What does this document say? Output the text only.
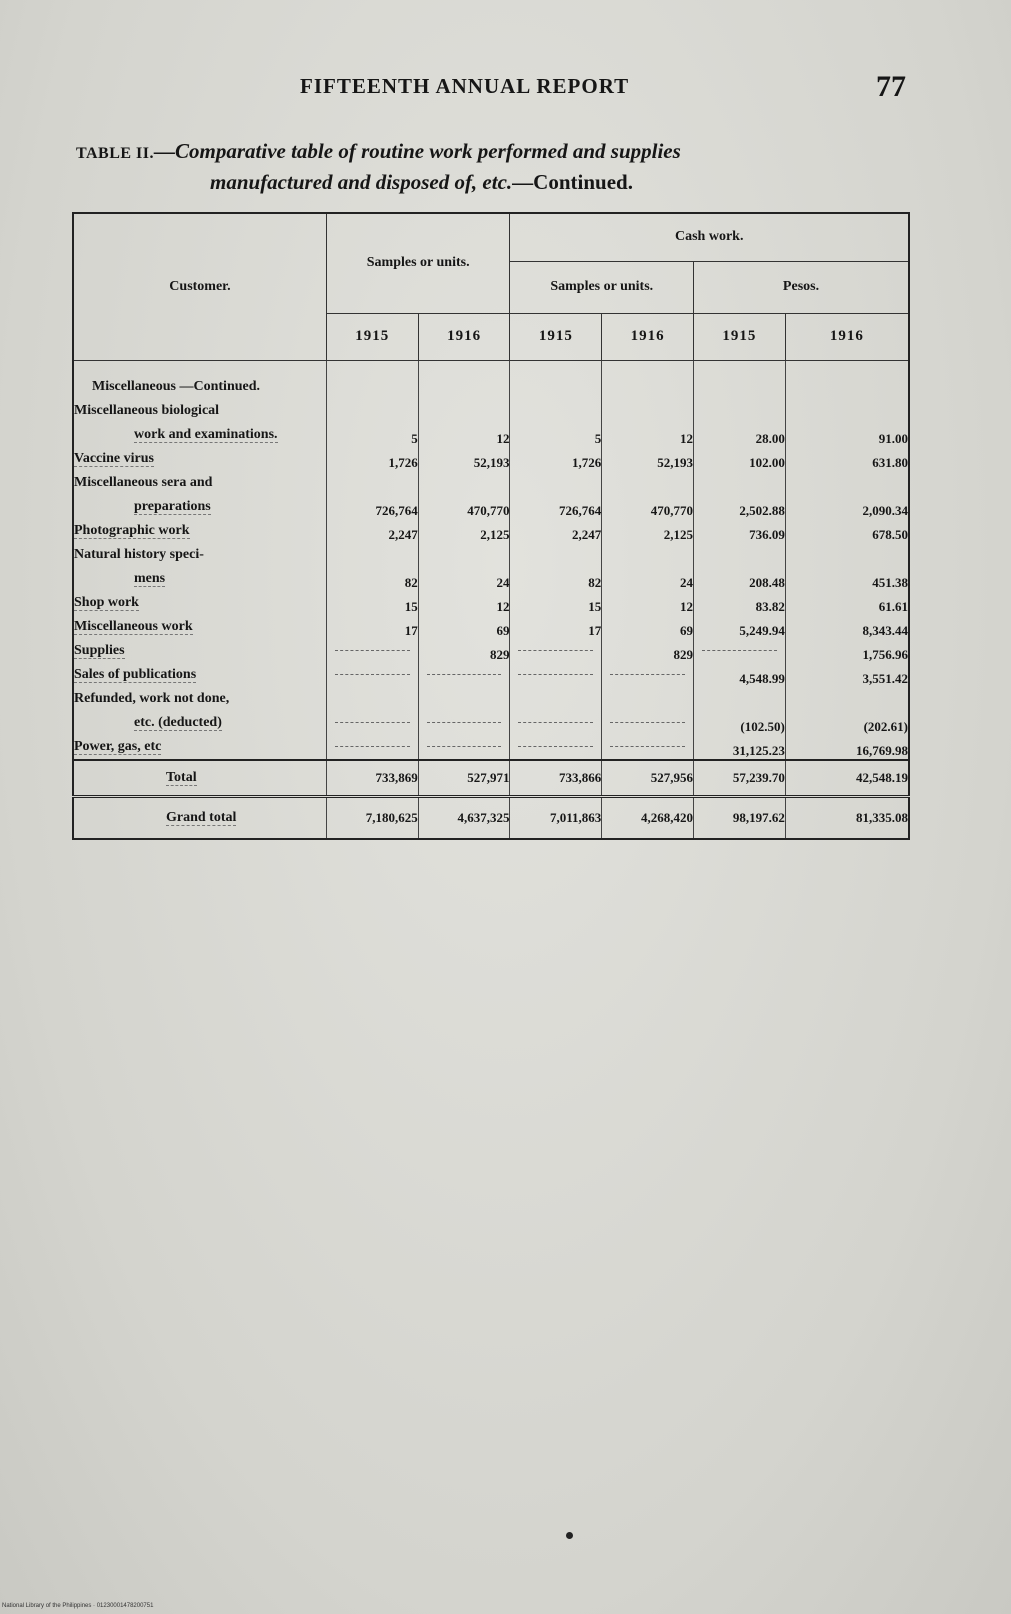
FIFTEENTH ANNUAL REPORT	77
TABLE II.—Comparative table of routine work performed and supplies
manufactured and disposed of, etc.—Continued.
Customer.	Samples or units.		Cash work.			
			Samples or units.		Pesos.	
	1915	1916	1915	1916	1915	1916
Miscellaneous —Continued.						
Miscellaneous biological						
work and examinations.	5	12	5	12	28.00	91.00
Vaccine virus	1,726	52,193	1,726	52,193	102.00	631.80
Miscellaneous sera and						
preparations	726,764	470,770	726,764	470,770	2,502.88	2,090.34
Photographic work	2,247	2,125	2,247	2,125	736.09	678.50
Natural history speci-						
mens	82	24	82	24	208.48	451.38
Shop work	15	12	15	12	83.82	61.61
Miscellaneous work	17	69	17	69	5,249.94	8,343.44
Supplies		829		829		1,756.96
Sales of publications					4,548.99	3,551.42
Refunded, work not done,						
etc. (deducted)					(102.50)	(202.61)
Power, gas, etc					31,125.23	16,769.98
Total	733,869	527,971	733,866	527,956	57,239.70	42,548.19
Grand total	7,180,625	4,637,325	7,011,863	4,268,420	98,197.62	81,335.08
National Library of the Philippines · 01230001478200751
